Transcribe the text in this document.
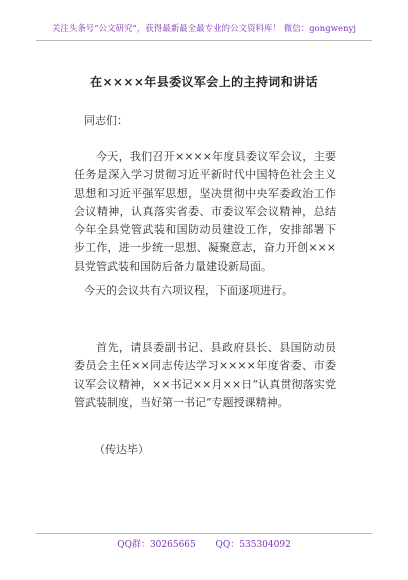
关注头条号“公文研究”，获得最新最全最专业的公文资料库！ 微信：gongwenyj
在××××年县委议军会上的主持词和讲话

同志们：

今天，我们召开××××年度县委议军会议，主要任务是深入学习贯彻习近平新时代中国特色社会主义思想和习近平强军思想，坚决贯彻中央军委政治工作会议精神，认真落实省委、市委议军会议精神，总结今年全县党管武装和国防动员建设工作，安排部署下步工作，进一步统一思想、凝聚意志，奋力开创×××县党管武装和国防后备力量建设新局面。

今天的会议共有六项议程，下面逐项进行。

首先，请县委副书记、县政府县长、县国防动员委员会主任××同志传达学习××××年度省委、市委议军会议精神，××书记××月××日“认真贯彻落实党管武装制度，当好第一书记”专题授课精神。

（传达毕）

QQ群：30265665 QQ：535304092
